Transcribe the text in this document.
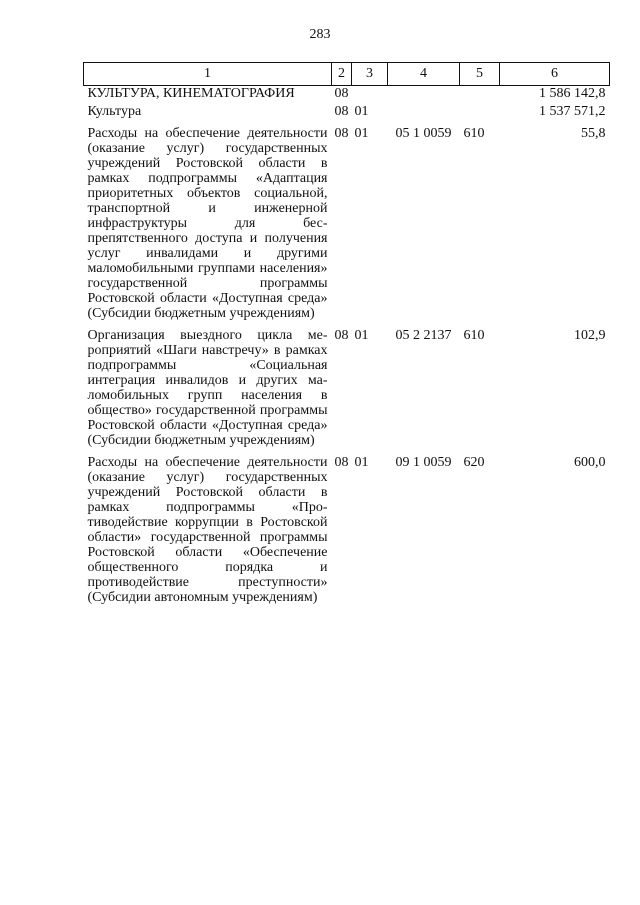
283
1	2	3	4	5	6
КУЛЬТУРА, КИНЕМАТОГРАФИЯ	08				1 586 142,8
Культура	08	01			1 537 571,2
Расходы на обеспечение деятельности (оказание услуг) государственных учреждений Ростовской области в рамках подпрограммы «Адаптация приоритетных объектов социальной, транспортной и инженерной инфраструктуры для беспрепятственного доступа и получения услуг инвалидами и другими маломобильными группами населения» государственной программы Ростовской области «Доступная среда» (Субсидии бюджетным учреждениям)	08	01	05 1 0059	610	55,8
Организация выездного цикла мероприятий «Шаги навстречу» в рамках подпрограммы «Социальная интеграция инвалидов и других маломобильных групп населения в общество» государственной программы Ростовской области «Доступная среда» (Субсидии бюджетным учреждениям)	08	01	05 2 2137	610	102,9
Расходы на обеспечение деятельности (оказание услуг) государственных учреждений Ростовской области в рамках подпрограммы «Противодействие коррупции в Ростовской области» государственной программы Ростовской области «Обеспечение общественного порядка и противодействие преступности» (Субсидии автономным учреждениям)	08	01	09 1 0059	620	600,0
